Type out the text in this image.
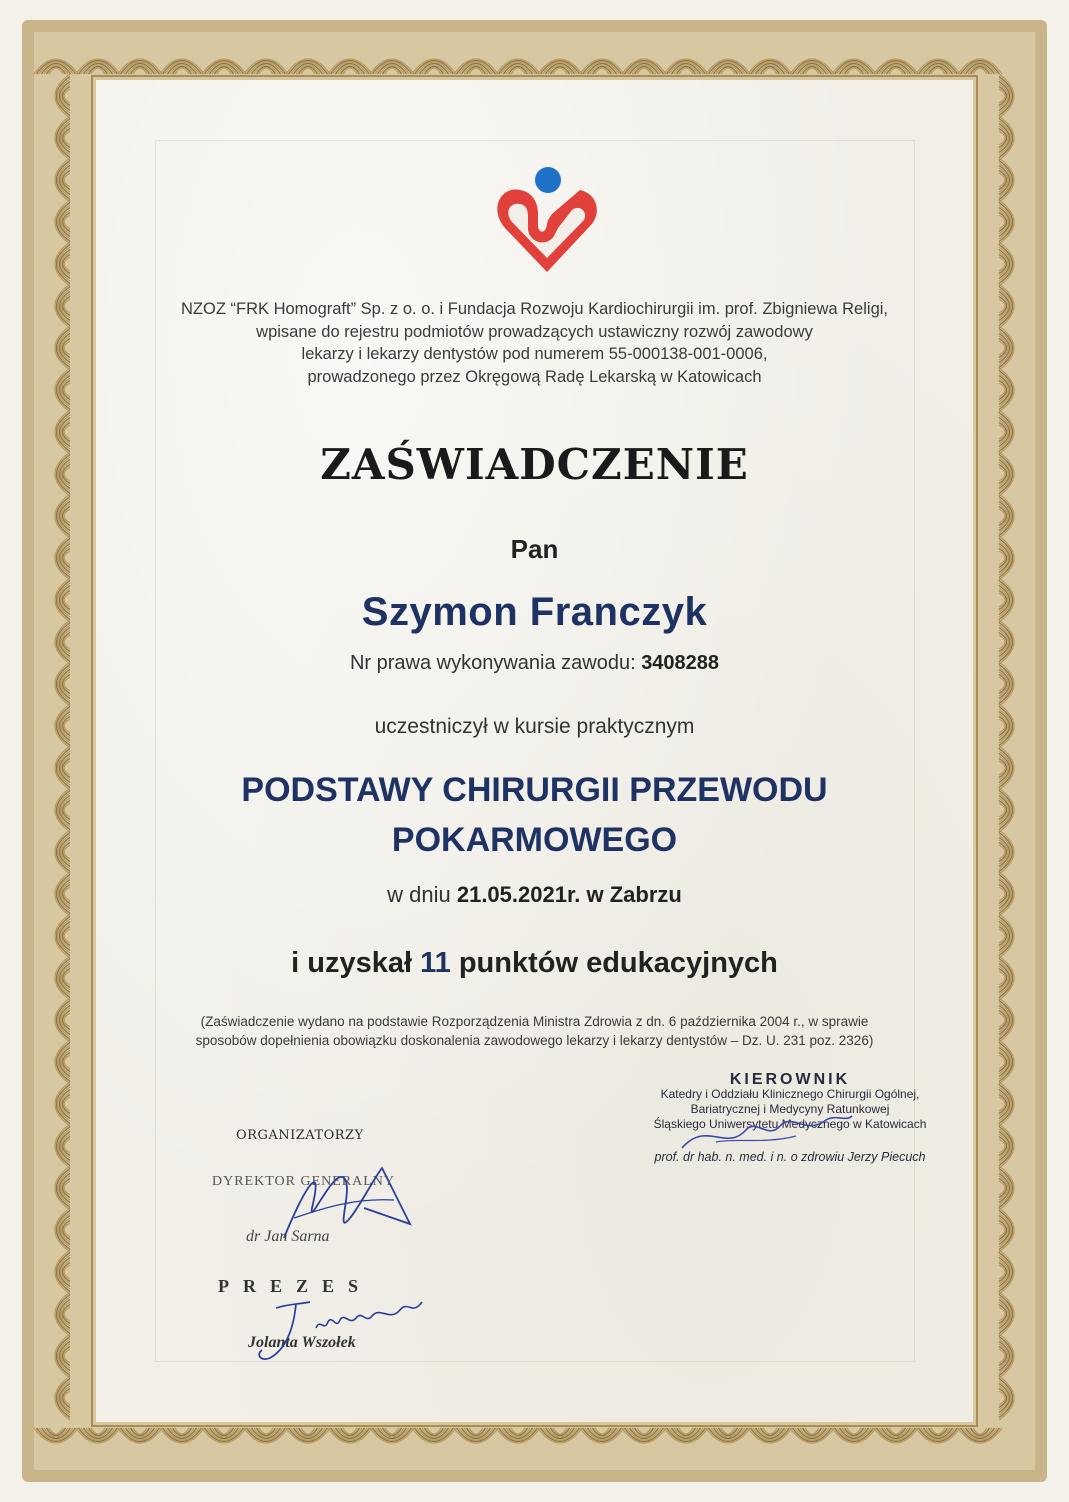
NZOZ “FRK Homograft” Sp. z o. o. i Fundacja Rozwoju Kardiochirurgii im. prof. Zbigniewa Religi,
wpisane do rejestru podmiotów prowadzących ustawiczny rozwój zawodowy
lekarzy i lekarzy dentystów pod numerem 55-000138-001-0006,
prowadzonego przez Okręgową Radę Lekarską w Katowicach
ZAŚWIADCZENIE
Pan
Szymon Franczyk
Nr prawa wykonywania zawodu: 3408288
uczestniczył w kursie praktycznym
PODSTAWY CHIRURGII PRZEWODU
POKARMOWEGO
w dniu 21.05.2021r. w Zabrzu
i uzyskał 11 punktów edukacyjnych
(Zaświadczenie wydano na podstawie Rozporządzenia Ministra Zdrowia z dn. 6 października 2004 r., w sprawie
sposobów dopełnienia obowiązku doskonalenia zawodowego lekarzy i lekarzy dentystów – Dz. U. 231 poz. 2326)
KIEROWNIK
Katedry i Oddziału Klinicznego Chirurgii Ogólnej,
Bariatrycznej i Medycyny Ratunkowej
Śląskiego Uniwersytetu Medycznego w Katowicach
prof. dr hab. n. med. i n. o zdrowiu Jerzy Piecuch
ORGANIZATORZY
DYREKTOR GENERALNY
dr Jan Sarna
PREZES
Jolanta Wszołek
